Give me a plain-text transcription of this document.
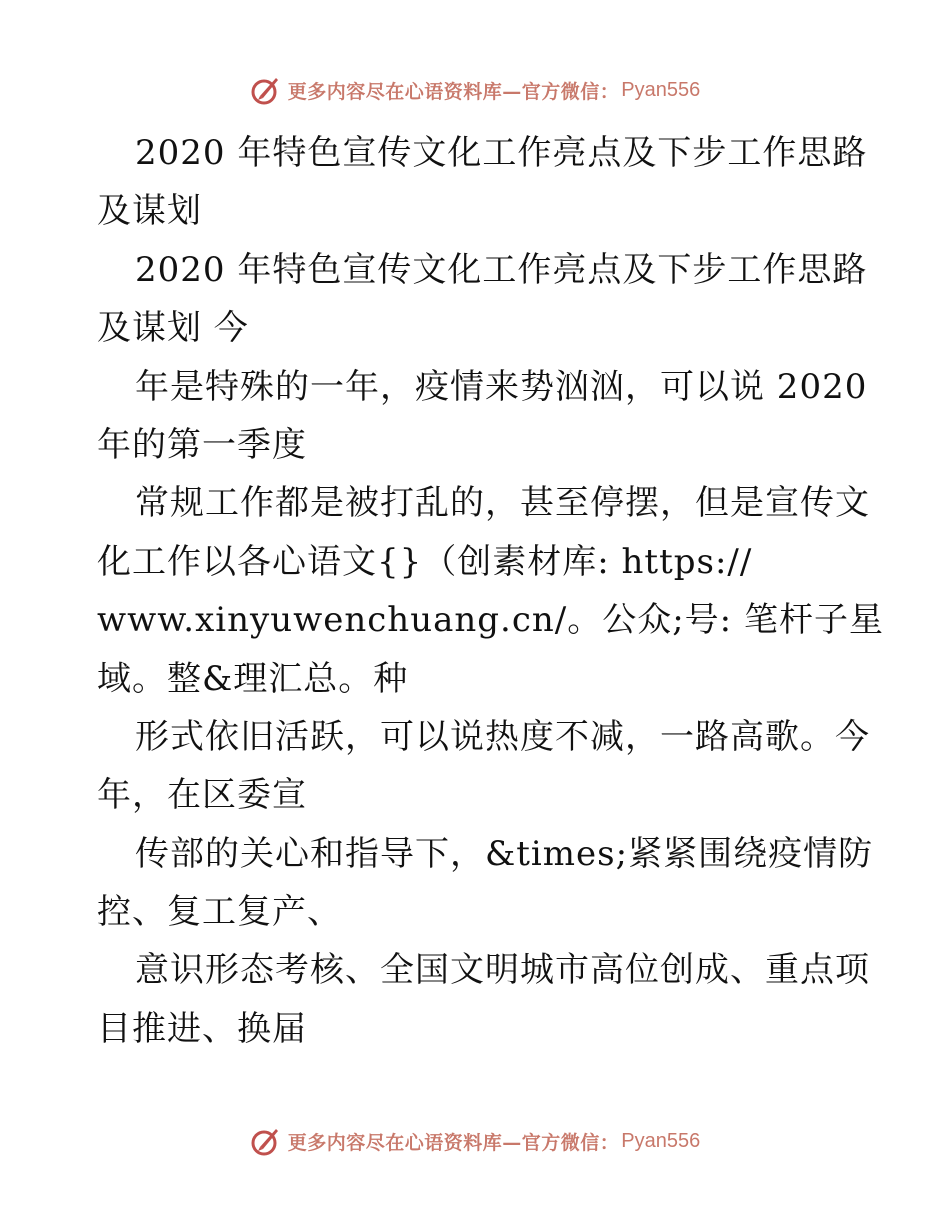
更多内容尽在心语资料库—官方微信： Pyan556
2020 年特色宣传文化工作亮点及下步工作思路
及谋划
2020 年特色宣传文化工作亮点及下步工作思路
及谋划 今
年是特殊的一年，疫情来势汹汹，可以说 2020
年的第一季度
常规工作都是被打乱的，甚至停摆，但是宣传文
化工作以各心语文{}（创素材库: https://
www.xinyuwenchuang.cn/。公众;号: 笔杆子星
域。整&理汇总。种
形式依旧活跃，可以说热度不减，一路高歌。今
年，在区委宣
传部的关心和指导下，&times;紧紧围绕疫情防
控、复工复产、
意识形态考核、全国文明城市高位创成、重点项
目推进、换届
更多内容尽在心语资料库—官方微信： Pyan556
